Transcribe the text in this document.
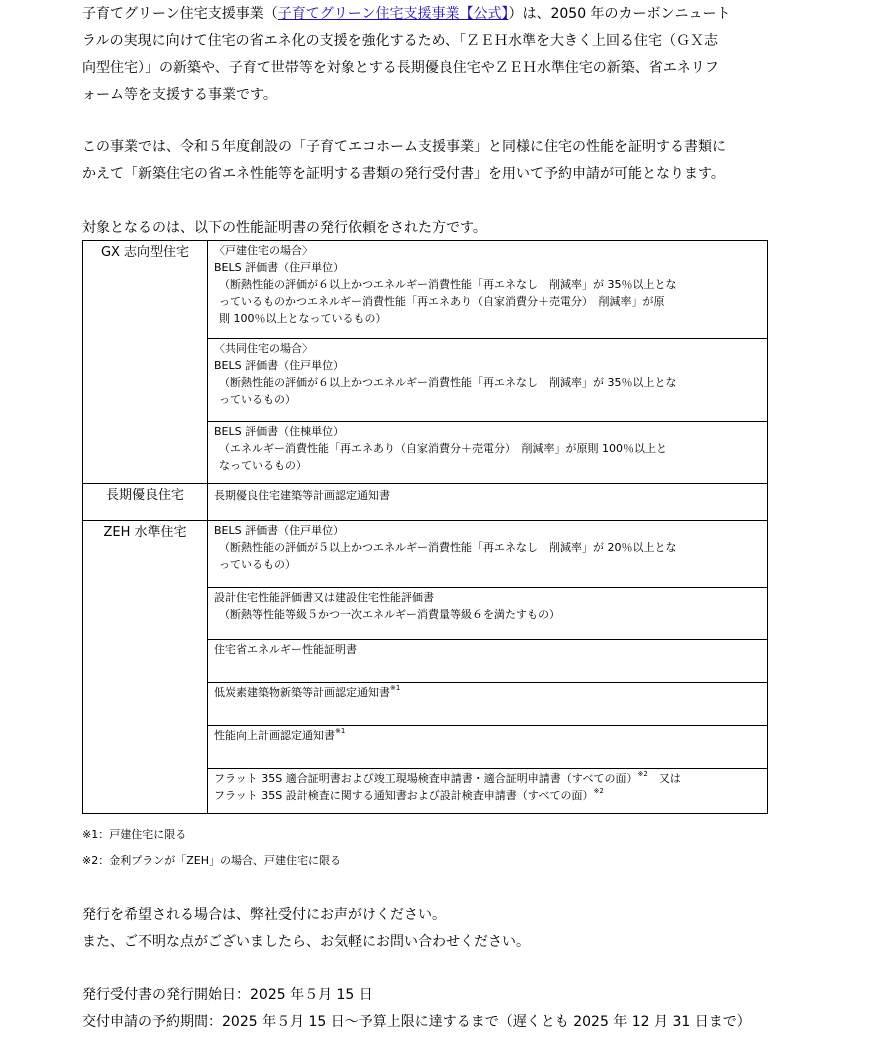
子育てグリーン住宅支援事業（子育てグリーン住宅支援事業【公式】）は、2050 年のカーボンニュート
ラルの実現に向けて住宅の省エネ化の支援を強化するため、「ＺＥＨ水準を大きく上回る住宅（ＧＸ志
向型住宅）」の新築や、子育て世帯等を対象とする長期優良住宅やＺＥＨ水準住宅の新築、省エネリフ
ォーム等を支援する事業です。
この事業では、令和５年度創設の「子育てエコホーム支援事業」と同様に住宅の性能を証明する書類に
かえて「新築住宅の省エネ性能等を証明する書類の発行受付書」を用いて予約申請が可能となります。
対象となるのは、以下の性能証明書の発行依頼をされた方です。
GX 志向型住宅	〈戸建住宅の場合〉
BELS 評価書（住戸単位）
（断熱性能の評価が６以上かつエネルギー消費性能「再エネなし　削減率」が 35％以上とな
っているものかつエネルギー消費性能「再エネあり（自家消費分＋売電分）　削減率」が原
則 100％以上となっているもの）

	〈共同住宅の場合〉
BELS 評価書（住戸単位）
（断熱性能の評価が６以上かつエネルギー消費性能「再エネなし　削減率」が 35％以上とな
っているもの）

	BELS 評価書（住棟単位）
（エネルギー消費性能「再エネあり（自家消費分＋売電分）　削減率」が原則 100％以上と
なっているもの）

長期優良住宅	長期優良住宅建築等計画認定通知書

ZEH 水準住宅	BELS 評価書（住戸単位）
（断熱性能の評価が５以上かつエネルギー消費性能「再エネなし　削減率」が 20％以上とな
っているもの）

	設計住宅性能評価書又は建設住宅性能評価書
（断熱等性能等級５かつ一次エネルギー消費量等級６を満たすもの）

	住宅省エネルギー性能証明書

	低炭素建築物新築等計画認定通知書$^{※1}$

	性能向上計画認定通知書$^{※1}$

	フラット 35S 適合証明書および竣工現場検査申請書・適合証明申請書（すべての面）$^{※2}$　又は
フラット 35S 設計検査に関する通知書および設計検査申請書（すべての面）$^{※2}$
※1：戸建住宅に限る
※2：金利プランが「ZEH」の場合、戸建住宅に限る
発行を希望される場合は、弊社受付にお声がけください。
また、ご不明な点がございましたら、お気軽にお問い合わせください。
発行受付書の発行開始日：2025 年５月 15 日
交付申請の予約期間：2025 年５月 15 日～予算上限に達するまで（遅くとも 2025 年 12 月 31 日まで）
